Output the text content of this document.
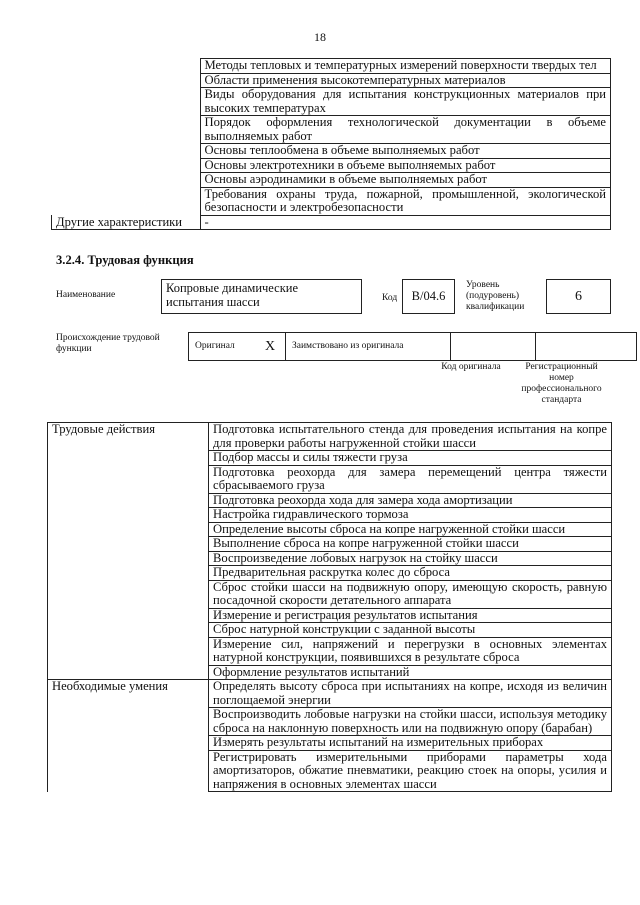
18
	Методы тепловых и температурных измерений поверхности твердых тел
	Области применения высокотемпературных материалов
	Виды оборудования для испытания конструкционных материалов при высоких температурах
	Порядок оформления технологической документации в объеме выполняемых работ
	Основы теплообмена в объеме выполняемых работ
	Основы электротехники в объеме выполняемых работ
	Основы аэродинамики в объеме выполняемых работ
	Требования охраны труда, пожарной, промышленной, экологической безопасности и электробезопасности
Другие характеристики	-
3.2.4. Трудовая функция
Наименование	Копровые динамические испытания шасси	Код	В/04.6
Уровень (подуровень) квалификации
6
Происхождение трудовой функции	Оригинал	X	Заимствовано из оригинала		
Код оригинала	Регистрационный номер профессионального стандарта
Трудовые действия	Подготовка испытательного стенда для проведения испытания на копре для проверки работы нагруженной стойки шасси
	Подбор массы и силы тяжести груза
	Подготовка реохорда для замера перемещений центра тяжести сбрасываемого груза
	Подготовка реохорда хода для замера хода амортизации
	Настройка гидравлического тормоза
	Определение высоты сброса на копре нагруженной стойки шасси
	Выполнение сброса на копре нагруженной стойки шасси
	Воспроизведение лобовых нагрузок на стойку шасси
	Предварительная раскрутка колес до сброса
	Сброс стойки шасси на подвижную опору, имеющую скорость, равную посадочной скорости детательного аппарата
	Измерение и регистрация результатов испытания
	Сброс натурной конструкции с заданной высоты
	Измерение сил, напряжений и перегрузки в основных элементах натурной конструкции, появившихся в результате сброса
	Оформление результатов испытаний
Необходимые умения	Определять высоту сброса при испытаниях на копре, исходя из величин поглощаемой энергии
	Воспроизводить лобовые нагрузки на стойки шасси, используя методику сброса на наклонную поверхность или на подвижную опору (барабан)
	Измерять результаты испытаний на измерительных приборах
	Регистрировать измерительными приборами параметры хода амортизаторов, обжатие пневматики, реакцию стоек на опоры, усилия и напряжения в основных элементах шасси
